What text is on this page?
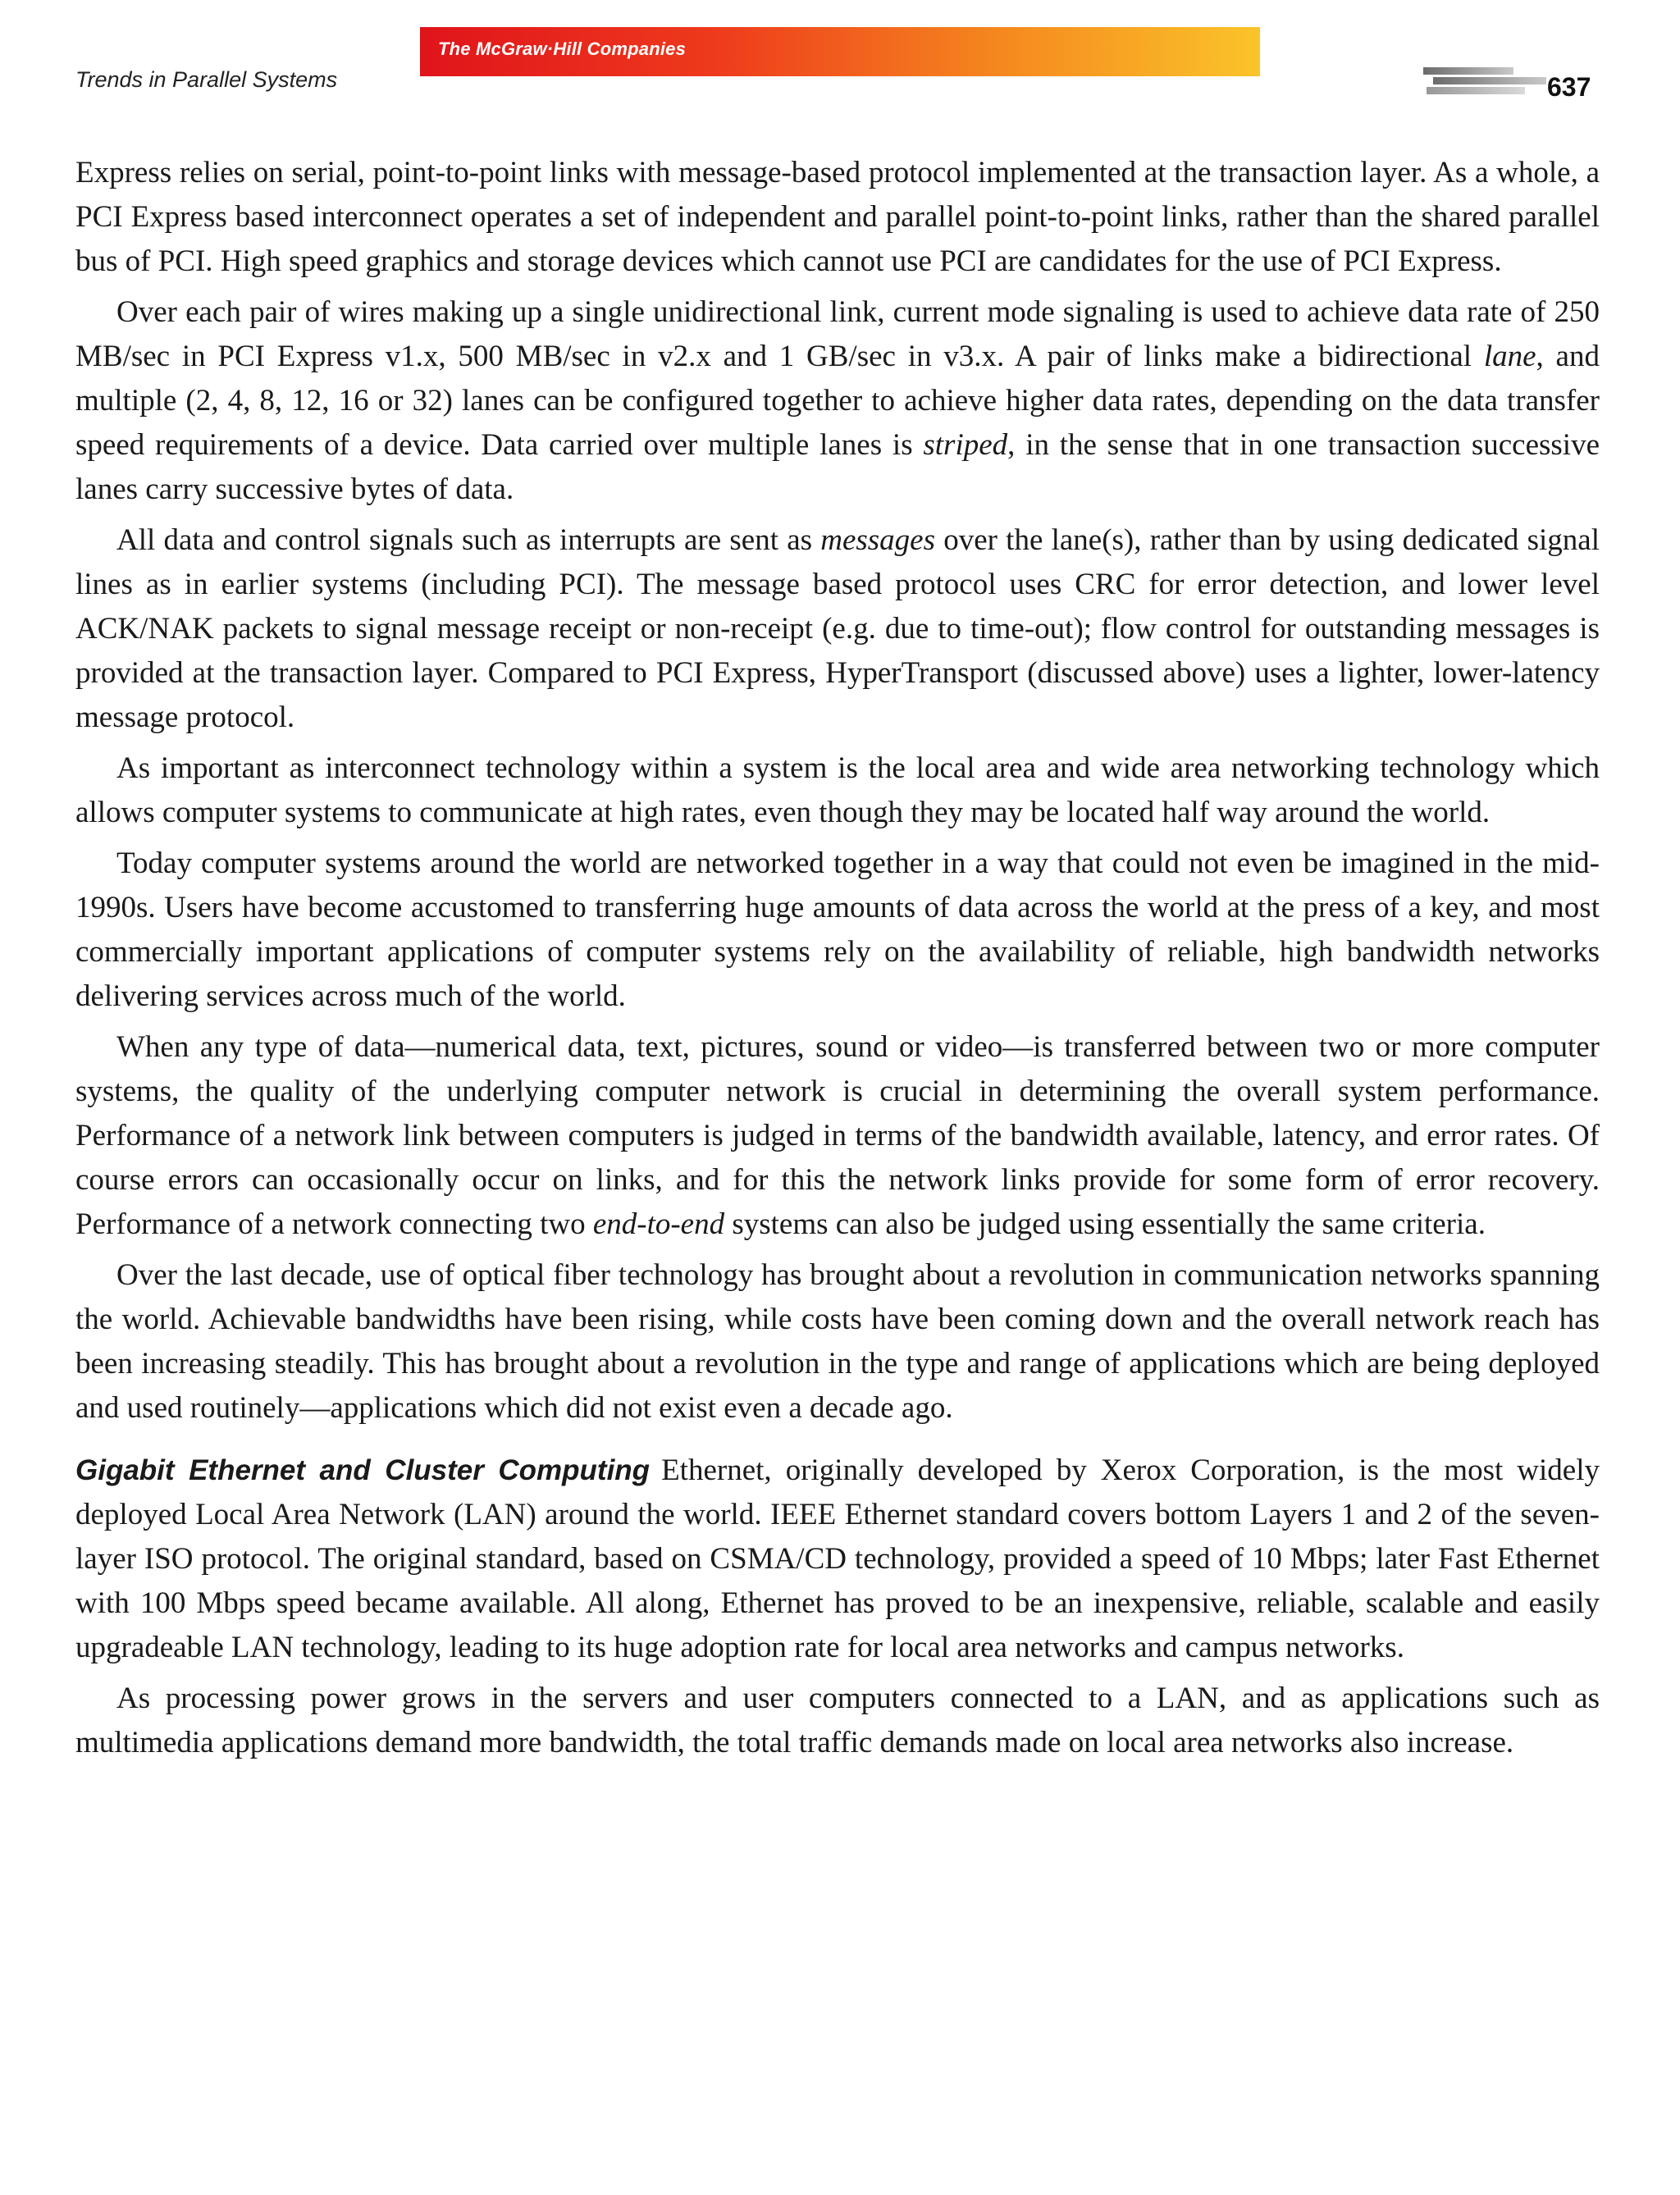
Trends in Parallel Systems
The McGraw·Hill Companies
637

Express relies on serial, point-to-point links with message-based protocol implemented at the transaction layer. As a whole, a PCI Express based interconnect operates a set of independent and parallel point-to-point links, rather than the shared parallel bus of PCI. High speed graphics and storage devices which cannot use PCI are candidates for the use of PCI Express.

Over each pair of wires making up a single unidirectional link, current mode signaling is used to achieve data rate of 250 MB/sec in PCI Express v1.x, 500 MB/sec in v2.x and 1 GB/sec in v3.x. A pair of links make a bidirectional lane, and multiple (2, 4, 8, 12, 16 or 32) lanes can be configured together to achieve higher data rates, depending on the data transfer speed requirements of a device. Data carried over multiple lanes is striped, in the sense that in one transaction successive lanes carry successive bytes of data.

All data and control signals such as interrupts are sent as messages over the lane(s), rather than by using dedicated signal lines as in earlier systems (including PCI). The message based protocol uses CRC for error detection, and lower level ACK/NAK packets to signal message receipt or non-receipt (e.g. due to time-out); flow control for outstanding messages is provided at the transaction layer. Compared to PCI Express, HyperTransport (discussed above) uses a lighter, lower-latency message protocol.

As important as interconnect technology within a system is the local area and wide area networking technology which allows computer systems to communicate at high rates, even though they may be located half way around the world.

Today computer systems around the world are networked together in a way that could not even be imagined in the mid-1990s. Users have become accustomed to transferring huge amounts of data across the world at the press of a key, and most commercially important applications of computer systems rely on the availability of reliable, high bandwidth networks delivering services across much of the world.

When any type of data—numerical data, text, pictures, sound or video—is transferred between two or more computer systems, the quality of the underlying computer network is crucial in determining the overall system performance. Performance of a network link between computers is judged in terms of the bandwidth available, latency, and error rates. Of course errors can occasionally occur on links, and for this the network links provide for some form of error recovery. Performance of a network connecting two end-to-end systems can also be judged using essentially the same criteria.

Over the last decade, use of optical fiber technology has brought about a revolution in communication networks spanning the world. Achievable bandwidths have been rising, while costs have been coming down and the overall network reach has been increasing steadily. This has brought about a revolution in the type and range of applications which are being deployed and used routinely—applications which did not exist even a decade ago.

Gigabit Ethernet and Cluster Computing Ethernet, originally developed by Xerox Corporation, is the most widely deployed Local Area Network (LAN) around the world. IEEE Ethernet standard covers bottom Layers 1 and 2 of the seven-layer ISO protocol. The original standard, based on CSMA/CD technology, provided a speed of 10 Mbps; later Fast Ethernet with 100 Mbps speed became available. All along, Ethernet has proved to be an inexpensive, reliable, scalable and easily upgradeable LAN technology, leading to its huge adoption rate for local area networks and campus networks.

As processing power grows in the servers and user computers connected to a LAN, and as applications such as multimedia applications demand more bandwidth, the total traffic demands made on local area networks also increase.
